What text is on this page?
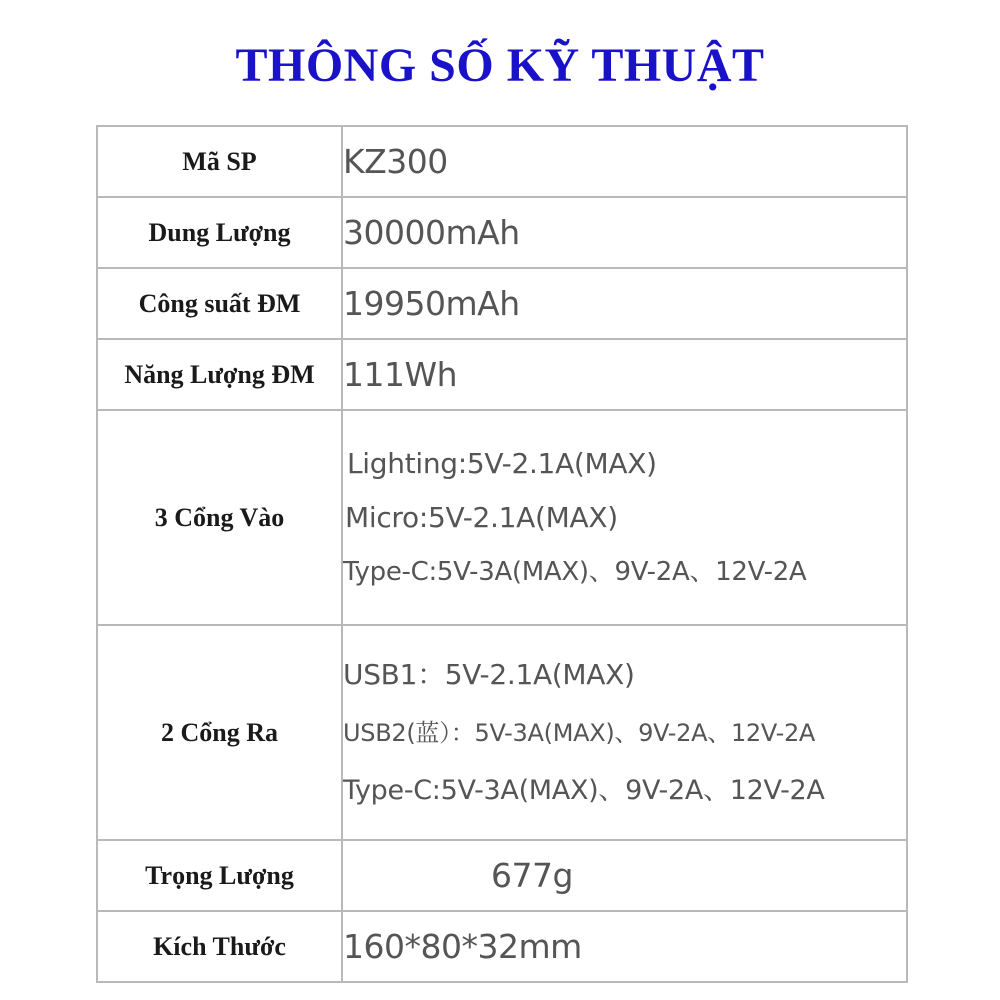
THÔNG SỐ KỸ THUẬT
Mã SP	KZ300
Dung Lượng	30000mAh
Công suất ĐM	19950mAh
Năng Lượng ĐM	111Wh
3 Cổng Vào	Lighting:5V-2.1A(MAX)
Micro:5V-2.1A(MAX)
Type-C:5V-3A(MAX)、9V-2A、12V-2A

2 Cổng Ra	USB1：5V-2.1A(MAX)
USB2(蓝）：5V-3A(MAX)、9V-2A、12V-2A
Type-C:5V-3A(MAX)、9V-2A、12V-2A

Trọng Lượng	677g
Kích Thước	160*80*32mm
